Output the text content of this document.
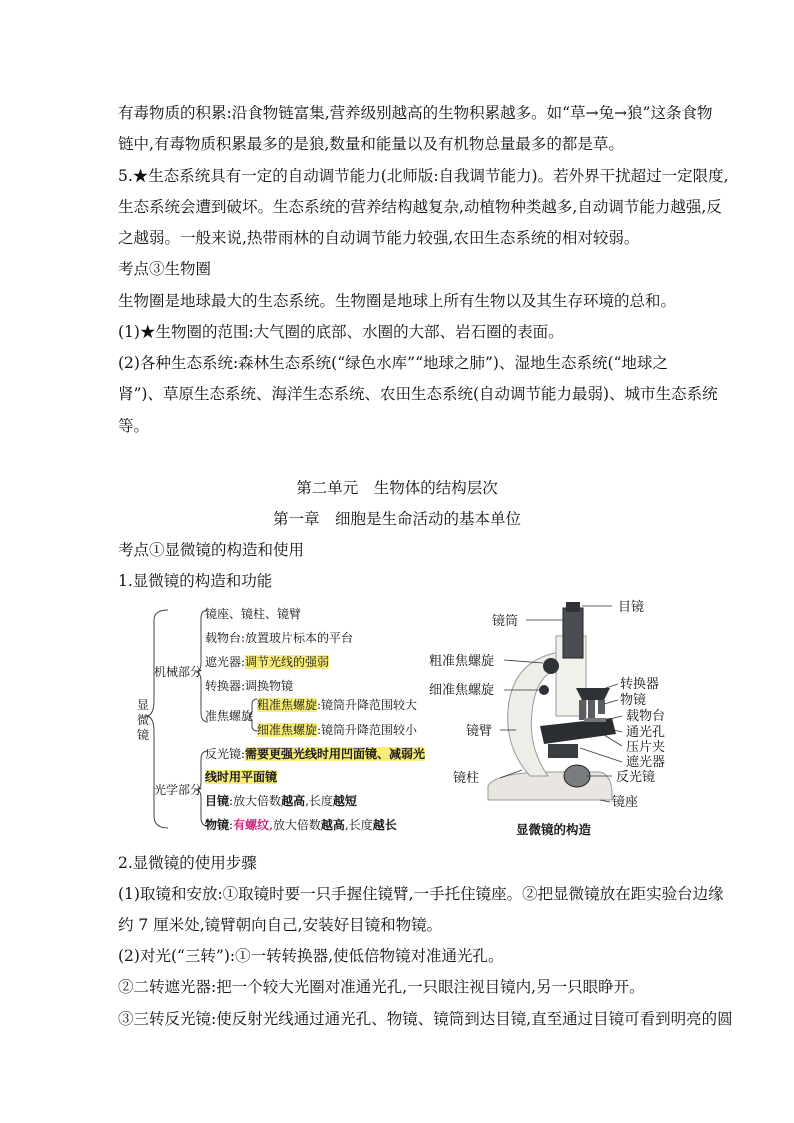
有毒物质的积累:沿食物链富集,营养级别越高的生物积累越多。如“草→兔→狼”这条食物
链中,有毒物质积累最多的是狼,数量和能量以及有机物总量最多的都是草。
5.★生态系统具有一定的自动调节能力(北师版:自我调节能力)。若外界干扰超过一定限度,
生态系统会遭到破坏。生态系统的营养结构越复杂,动植物种类越多,自动调节能力越强,反
之越弱。一般来说,热带雨林的自动调节能力较强,农田生态系统的相对较弱。
考点③生物圈
生物圈是地球最大的生态系统。生物圈是地球上所有生物以及其生存环境的总和。
(1)★生物圈的范围:大气圈的底部、水圈的大部、岩石圈的表面。
(2)各种生态系统:森林生态系统(“绿色水库”“地球之肺”)、湿地生态系统(“地球之
肾”)、草原生态系统、海洋生态系统、农田生态系统(自动调节能力最弱)、城市生态系统
等。
第二单元　生物体的结构层次
第一章　细胞是生命活动的基本单位
考点①显微镜的构造和使用
1.显微镜的构造和功能
显微镜
机械部分
光学部分
镜座、镜柱、镜臂
载物台:放置玻片标本的平台
遮光器:调节光线的强弱
转换器:调换物镜
准焦螺旋
粗准焦螺旋:镜筒升降范围较大
细准焦螺旋:镜筒升降范围较小
反光镜:需要更强光线时用凹面镜、减弱光
线时用平面镜
目镜:放大倍数越高,长度越短
物镜:有螺纹,放大倍数越高,长度越长
目镜
镜筒
粗准焦螺旋
细准焦螺旋	转换器
物镜
载物台
通光孔
压片夹
遮光器
镜臂
镜柱	反光镜
镜座
显微镜的构造
2.显微镜的使用步骤
(1)取镜和安放:①取镜时要一只手握住镜臂,一手托住镜座。②把显微镜放在距实验台边缘
约 7 厘米处,镜臂朝向自己,安装好目镜和物镜。
(2)对光(“三转”):①一转转换器,使低倍物镜对准通光孔。
②二转遮光器:把一个较大光圈对准通光孔,一只眼注视目镜内,另一只眼睁开。
③三转反光镜:使反射光线通过通光孔、物镜、镜筒到达目镜,直至通过目镜可看到明亮的圆
